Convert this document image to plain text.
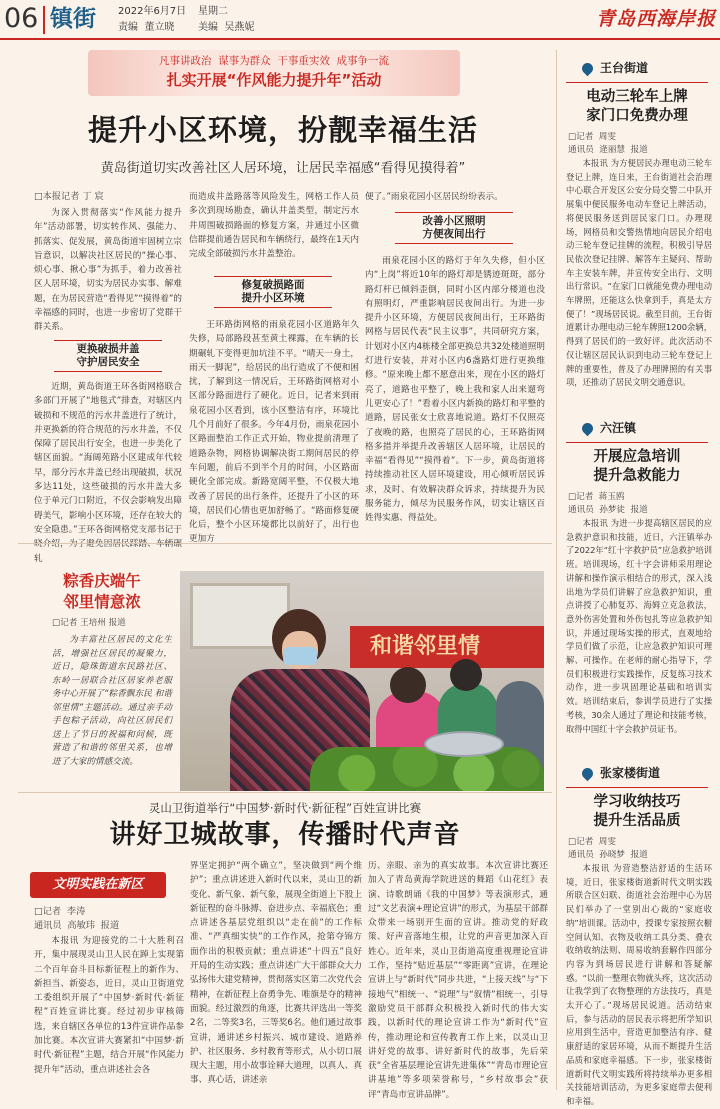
06 镇街 2022年6月7日 星期二
责编  董立晓 美编  吴燕妮	青岛西海岸报
凡事讲政治  谋事为群众  干事重实效  成事争一流
扎实开展“作风能力提升年”活动
提升小区环境，扮靓幸福生活
黄岛街道切实改善社区人居环境，让居民幸福感“看得见摸得着”
□本报记者 丁 宸

为深入贯彻落实“作风能力提升年”活动部署，切实转作风、强能力、抓落实、促发展，黄岛街道牢固树立宗旨意识，以解决社区居民的“操心事、烦心事、揪心事”为抓手，着力改善社区人居环境，切实为居民办实事、解难题，在为居民营造“看得见”“摸得着”的幸福感的同时，也进一步密切了党群干群关系。

更换破损井盖
守护居民安全

近期，黄岛街道王环各街网格联合多部门开展了“地毯式”排查，对辖区内破损和不规范的污水井盖进行了统计，并更换新的符合规范的污水井盖，不仅保障了居民出行安全，也进一步美化了辖区面貌。“海阔苑路小区建成年代较早，部分污水井盖已经出现破损，状况多达11处，这些破损的污水井盖大多位于单元门口附近，不仅会影响发出障碍美气，影响小区环境，还存在较大的安全隐患。”王环各街网格党支部书记于晓介绍，为了避免因居民踩踏、车辆碾轧

而造成井盖路落等风险发生，网格工作人员多次到现场勘查，确认井盖类型，制定污水井周围破损路面的修复方案，并通过小区微信群提前通告居民和车辆绕行，最终在1天内完成全部破损污水井盖整治。

修复破损路面
提升小区环境

王环路街网格的雨泉花园小区道路年久失修，局部路段甚至黄土裸露，在车辆的长期碾轧下变得更加坑洼不平。“晴天一身土，雨天一脚泥”，给居民的出行造成了不便和困扰，了解到这一情况后，王环路街网格对小区部分路面进行了硬化。近日，记者来到雨泉花园小区看到，该小区整洁有序，环境比几个月前好了很多。今年4月份，雨泉花园小区路面整治工作正式开始，物业提前清理了道路杂物，网格协调解决街工期间居民的停车问题，前后不到半个月的时间，小区路面硬化全部完成。新路宽阔平整，不仅极大地改善了居民的出行条件，还提升了小区的环境，居民们心情也更加舒畅了。“路面修复硬化后，整个小区环境都比以前好了，出行也更加方

便了。”雨泉花园小区居民纷纷表示。

改善小区照明
方便夜间出行

雨泉花园小区的路灯于年久失修，但小区内“上岗”将近10年的路灯却是锈迹斑斑，部分路灯杆已倾斜歪倒，同时小区内部分楼道也没有照明灯，严重影响居民夜间出行。为进一步提升小区环境，方便居民夜间出行，王环路街网格与居民代表“民主议事”，共同研究方案，计划对小区内4栋楼全部更换总共32处楼道照明灯进行安装，并对小区内6盏路灯进行更换维修。“原来晚上都不愿意出来，现在小区的路灯亮了，道路也平整了，晚上我和家人出来遛弯儿更安心了！”看着小区内新换的路灯和平整的道路，居民张女士欣喜地说道。路灯不仅照亮了夜晚的路，也照亮了居民的心，王环路街网格多措并举提升改善辖区人居环境，让居民的幸福“看得见”“摸得着”。下一步，黄岛街道将持续推动社区人居环境建设，用心倾听居民诉求，及时、有效解决群众诉求，持续提升为民服务能力，倾尽为民服务作风，切实让辖区百姓得实惠、得益处。

粽香庆端午
邻里情意浓
□记者 王培州 报道

为丰富社区居民的文化生活，增强社区居民的凝聚力，近日，隐珠街道东民路社区、东岭一居联合社区居家养老服务中心开展了“粽香飘东民 和谐邻里情”主题活动。通过亲手动手包粽子活动，向社区居民们送上了节日的祝福和问候，既营造了和谐的邻里关系，也增进了大家的情感交流。

和谐邻里情
灵山卫街道举行“中国梦·新时代·新征程”百姓宣讲比赛
讲好卫城故事，传播时代声音
文明实践在新区
□记者  李涛
通讯员  高敏玮  报道

本报讯 为迎接党的二十大胜利召开，集中展现灵山卫人民在踔上实现第二个百年奋斗目标新征程上的新作为、新担当、新姿态，近日，灵山卫街道党工委组织开展了“中国梦·新时代·新征程”百姓宣讲比赛。经过初步审核筛选，来自辖区各单位的13件宣讲作品参加比赛。本次宣讲大赛紧扣“中国梦·新时代·新征程”主题，结合开展“作风能力提升年”活动，重点讲述社会各

界坚定拥护“两个确立”，坚决做到“两个维护”；重点讲述进入新时代以来，灵山卫的新变化、新气象、新气象，展现全街道上下股上新征程的奋斗脉搏、奋进步点、幸福底色；重点讲述各基层党组织以“走在前”的工作标准、“严真细实快”的工作作风，抢第夺锦方面作出的积极贡献；重点讲述“十四五”良好开局的生动实践；重点讲述广大干部群众大力弘扬伟大建党精神，贯彻落实区第二次党代会精神，在新征程上奋勇争先、唯旗是夺的精神面貌。经过激烈的角逐，比赛共评选出一等奖2名，二等奖3名，三等奖6名。他们通过故事宣讲，通讲述乡村振兴、城市建设、道路养护、社区服务、乡村教育等形式，从小切口展现大主题，用小故事诠释大道理，以真人、真事、真心话，讲述亲

历、亲眼、亲为的真实故事。本次宣讲比赛还加入了青岛黄海学院进送的舞蹈《山花红》表演、诗歌朗诵《我的中国梦》等表演形式，通过“文艺表演+理论宣讲”的形式，为基层干部群众带来一场别开生面的宣讲。推动党的好政策、好声音落地生根，让党的声音更加深入百姓心。近年来，灵山卫街道高度重视理论宣讲工作，坚持“贴近基层”“零距离”宣讲，在理论宣讲上与“新时代”同步共进，“上接天线”与“下接地气”相统一、“说理”与“叙情”相统一，引导激励党员干部群众积极投入新时代的伟大实践，以新时代的理论宣讲工作为“新时代”宣传，推动理论和宣传教育工作上来，以灵山卫讲好党的故事、讲好新时代的故事，先后荣获“全省基层理论宣讲先进集体”“青岛市理论宣讲基地”等多项荣誉称号，“乡村故事会”获评“青岛市宣讲品牌”。

王台街道
电动三轮车上牌
家门口免费办理
□记者  周雯
通讯员  逄丽慧  报道

本报讯 为方便居民办理电动三轮车登记上牌，连日来，王台街道社会治理中心联合开发区公安分局交警二中队开展集中便民服务电动车登记上牌活动，将便民服务送到居民家门口。办理现场，网格员和交警热情地向居民介绍电动三轮车登记挂牌的流程，积极引导居民依次登记挂牌、解答车主疑问、帮助车主安装车牌，并宣传安全出行、文明出行常识。“在家门口就能免费办理电动车牌照，还能这么快拿到手，真是太方便了！”现场居民说。截至目前，王台街道累计办理电动三轮车牌照1200余辆，得到了居民们的一致好评。此次活动不仅让辖区居民认识到电动三轮车登记上牌的重要性，普及了办理牌照的有关事项，还推动了居民文明交通意识。

六汪镇
开展应急培训
提升急救能力
□记者  蒋玉鸥
通讯员  孙梦徒  报道

本报讯 为进一步提高辖区居民的应急救护意识和技能，近日，六汪镇举办了2022年“红十字救护员”应急救护培训班。培训现场，红十字会讲师采用理论讲解和操作演示相结合的形式，深入浅出地为学员们讲解了应急救护知识，重点讲授了心肺复苏、海姆立克急救法，意外伤害处置和外伤包扎等应急救护知识，并通过现场实操的形式，直观地给学员们做了示范，让应急救护知识可理解、可操作。在老师的耐心指导下，学员们积极进行实践操作，反复练习技术动作，进一步巩固理论基础和培训实效。培训结束后，参训学员进行了实操考核，30余人通过了理论和技能考核，取得中国红十字会救护员证书。

张家楼街道
学习收纳技巧
提升生活品质
□记者  周雯
通讯员  孙晓梦  报道

本报讯 为营造整洁舒适的生活环境，近日，张家楼街道新时代文明实践所联合区妇联、街道社会治理中心为居民们举办了一堂别出心裁的“家庭收纳”培训课。活动中，授课专家按照衣橱空间认知、衣物及收纳工具分类、叠衣收纳收纳法则、周易收纳套解作四部分内容为到场居民进行讲解和答疑解惑。“以前一整理衣物就头疼，这次活动让我学到了衣物整理的方法技巧，真是太开心了。”现场居民说道。活动结束后，参与活动的居民表示将把所学知识应用到生活中，营造更加整洁有序、健康舒适的家居环境，从而不断提升生活品质和家庭幸福感。下一步，张家楼街道新时代文明实践所将持续举办更多相关技能培训活动，为更多家庭带去便利和幸福。
